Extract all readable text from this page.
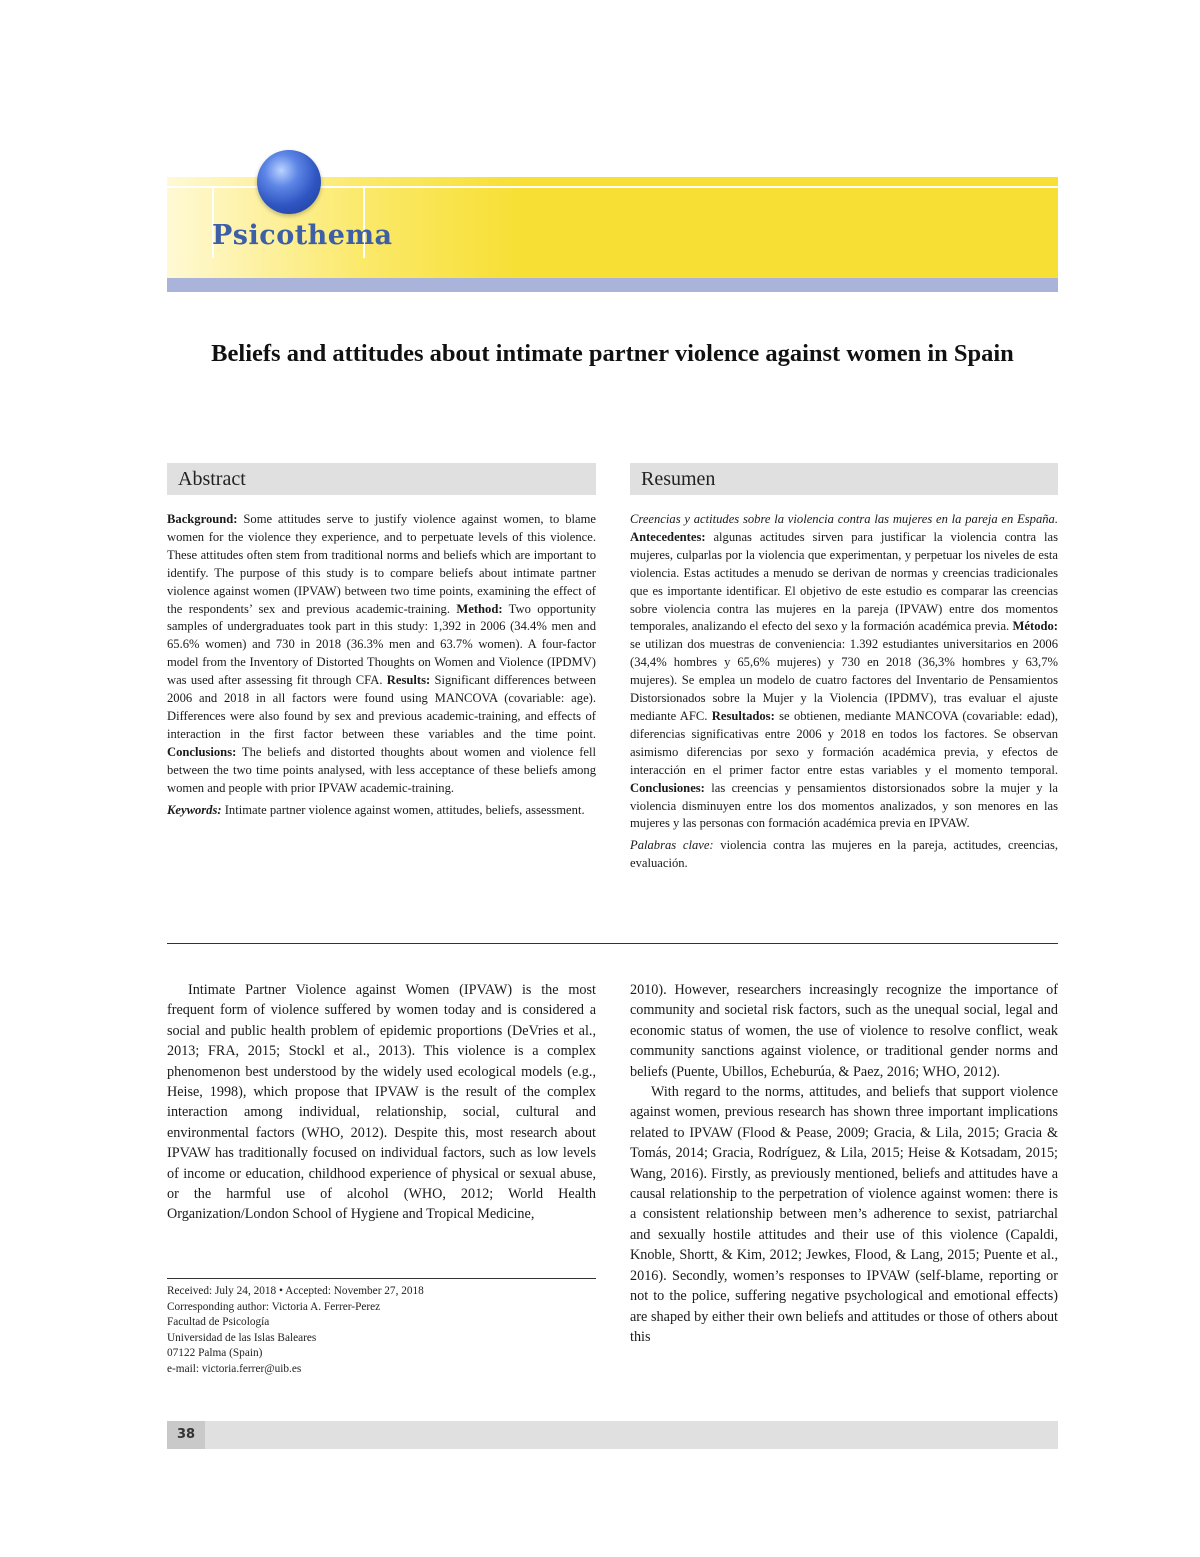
Psicothema
Beliefs and attitudes about intimate partner violence against women in Spain
Abstract

Background: Some attitudes serve to justify violence against women, to blame women for the violence they experience, and to perpetuate levels of this violence. These attitudes often stem from traditional norms and beliefs which are important to identify. The purpose of this study is to compare beliefs about intimate partner violence against women (IPVAW) between two time points, examining the effect of the respondents’ sex and previous academic-training. Method: Two opportunity samples of undergraduates took part in this study: 1,392 in 2006 (34.4% men and 65.6% women) and 730 in 2018 (36.3% men and 63.7% women). A four-factor model from the Inventory of Distorted Thoughts on Women and Violence (IPDMV) was used after assessing fit through CFA. Results: Significant differences between 2006 and 2018 in all factors were found using MANCOVA (covariable: age). Differences were also found by sex and previous academic-training, and effects of interaction in the first factor between these variables and the time point. Conclusions: The beliefs and distorted thoughts about women and violence fell between the two time points analysed, with less acceptance of these beliefs among women and people with prior IPVAW academic-training.

Keywords: Intimate partner violence against women, attitudes, beliefs, assessment.

Resumen

Creencias y actitudes sobre la violencia contra las mujeres en la pareja en España. Antecedentes: algunas actitudes sirven para justificar la violencia contra las mujeres, culparlas por la violencia que experimentan, y perpetuar los niveles de esta violencia. Estas actitudes a menudo se derivan de normas y creencias tradicionales que es importante identificar. El objetivo de este estudio es comparar las creencias sobre violencia contra las mujeres en la pareja (IPVAW) entre dos momentos temporales, analizando el efecto del sexo y la formación académica previa. Método: se utilizan dos muestras de conveniencia: 1.392 estudiantes universitarios en 2006 (34,4% hombres y 65,6% mujeres) y 730 en 2018 (36,3% hombres y 63,7% mujeres). Se emplea un modelo de cuatro factores del Inventario de Pensamientos Distorsionados sobre la Mujer y la Violencia (IPDMV), tras evaluar el ajuste mediante AFC. Resultados: se obtienen, mediante MANCOVA (covariable: edad), diferencias significativas entre 2006 y 2018 en todos los factores. Se observan asimismo diferencias por sexo y formación académica previa, y efectos de interacción en el primer factor entre estas variables y el momento temporal. Conclusiones: las creencias y pensamientos distorsionados sobre la mujer y la violencia disminuyen entre los dos momentos analizados, y son menores en las mujeres y las personas con formación académica previa en IPVAW.

Palabras clave: violencia contra las mujeres en la pareja, actitudes, creencias, evaluación.

Intimate Partner Violence against Women (IPVAW) is the most frequent form of violence suffered by women today and is considered a social and public health problem of epidemic proportions (DeVries et al., 2013; FRA, 2015; Stockl et al., 2013). This violence is a complex phenomenon best understood by the widely used ecological models (e.g., Heise, 1998), which propose that IPVAW is the result of the complex interaction among individual, relationship, social, cultural and environmental factors (WHO, 2012). Despite this, most research about IPVAW has traditionally focused on individual factors, such as low levels of income or education, childhood experience of physical or sexual abuse, or the harmful use of alcohol (WHO, 2012; World Health Organization/London School of Hygiene and Tropical Medicine,

2010). However, researchers increasingly recognize the importance of community and societal risk factors, such as the unequal social, legal and economic status of women, the use of violence to resolve conflict, weak community sanctions against violence, or traditional gender norms and beliefs (Puente, Ubillos, Echeburúa, & Paez, 2016; WHO, 2012).

With regard to the norms, attitudes, and beliefs that support violence against women, previous research has shown three important implications related to IPVAW (Flood & Pease, 2009; Gracia, & Lila, 2015; Gracia & Tomás, 2014; Gracia, Rodríguez, & Lila, 2015; Heise & Kotsadam, 2015; Wang, 2016). Firstly, as previously mentioned, beliefs and attitudes have a causal relationship to the perpetration of violence against women: there is a consistent relationship between men’s adherence to sexist, patriarchal and sexually hostile attitudes and their use of this violence (Capaldi, Knoble, Shortt, & Kim, 2012; Jewkes, Flood, & Lang, 2015; Puente et al., 2016). Secondly, women’s responses to IPVAW (self-blame, reporting or not to the police, suffering negative psychological and emotional effects) are shaped by either their own beliefs and attitudes or those of others about this

Received: July 24, 2018 • Accepted: November 27, 2018
Corresponding author: Victoria A. Ferrer-Perez
Facultad de Psicología
Universidad de las Islas Baleares
07122 Palma (Spain)
e-mail: victoria.ferrer@uib.es
38
